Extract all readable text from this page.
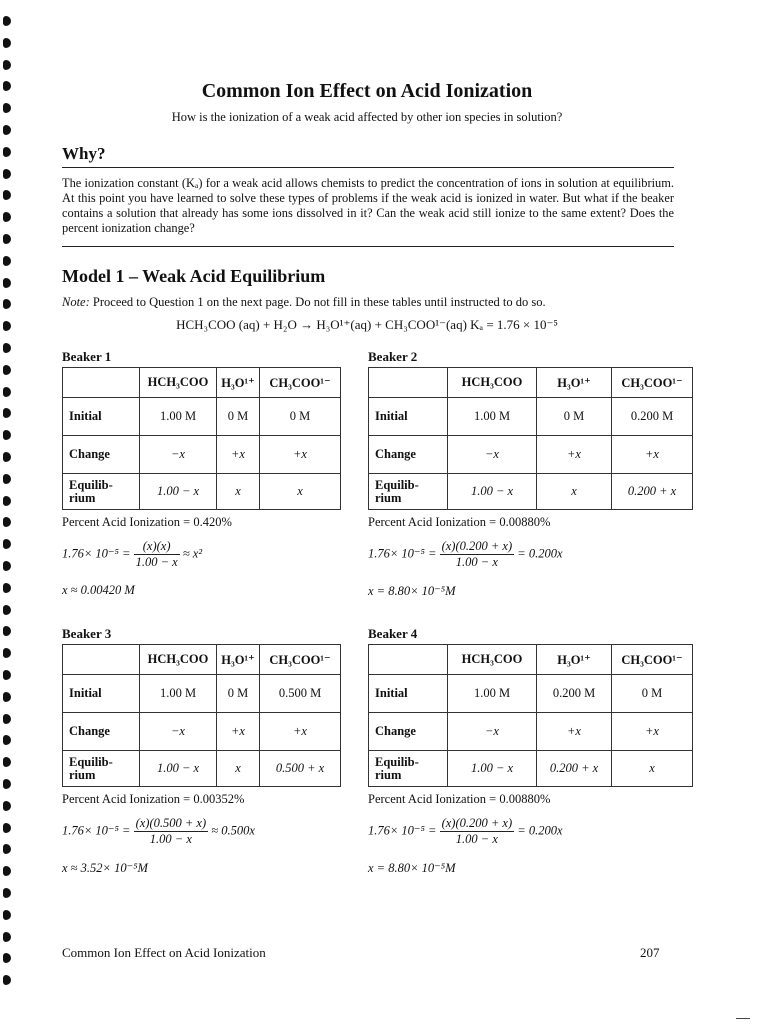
Common Ion Effect on Acid Ionization
How is the ionization of a weak acid affected by other ion species in solution?
Why?
The ionization constant (Kₐ) for a weak acid allows chemists to predict the concentration of ions in solution at equilibrium. At this point you have learned to solve these types of problems if the weak acid is ionized in water. But what if the beaker contains a solution that already has some ions dissolved in it? Can the weak acid still ionize to the same extent? Does the percent ionization change?
Model 1 – Weak Acid Equilibrium
Note: Proceed to Question 1 on the next page. Do not fill in these tables until instructed to do so.
HCH₃COO (aq) + H₂O → H₃O¹⁺(aq) + CH₃COO¹⁻(aq) Kₐ = 1.76 × 10⁻⁵
Beaker 1
	HCH₃COO	H₃O¹⁺	CH₃COO¹⁻
Initial	1.00 M	0 M	0 M
Change	−x	+x	+x
Equilib-
rium	1.00 − x	x	x
Percent Acid Ionization = 0.420%
$1.76\times 10^{-5} = \frac{(x)(x)}{1.00 - x} \approx x^2$
x ≈ 0.00420 M
Beaker 2
	HCH₃COO	H₃O¹⁺	CH₃COO¹⁻
Initial	1.00 M	0 M	0.200 M
Change	−x	+x	+x
Equilib-
rium	1.00 − x	x	0.200 + x
Percent Acid Ionization = 0.00880%
$1.76\times 10^{-5} = \frac{(x)(0.200 + x)}{1.00 - x} = 0.200x$
x = 8.80× 10⁻⁵M
Beaker 3
	HCH₃COO	H₃O¹⁺	CH₃COO¹⁻
Initial	1.00 M	0 M	0.500 M
Change	−x	+x	+x
Equilib-
rium	1.00 − x	x	0.500 + x
Percent Acid Ionization = 0.00352%
$1.76\times 10^{-5} = \frac{(x)(0.500 + x)}{1.00 - x} \approx 0.500x$
x ≈ 3.52× 10⁻⁵M
Beaker 4
	HCH₃COO	H₃O¹⁺	CH₃COO¹⁻
Initial	1.00 M	0.200 M	0 M
Change	−x	+x	+x
Equilib-
rium	1.00 − x	0.200 + x	x
Percent Acid Ionization = 0.00880%
$1.76\times 10^{-5} = \frac{(x)(0.200 + x)}{1.00 - x} = 0.200x$
x = 8.80× 10⁻⁵M
Common Ion Effect on Acid Ionization	207
